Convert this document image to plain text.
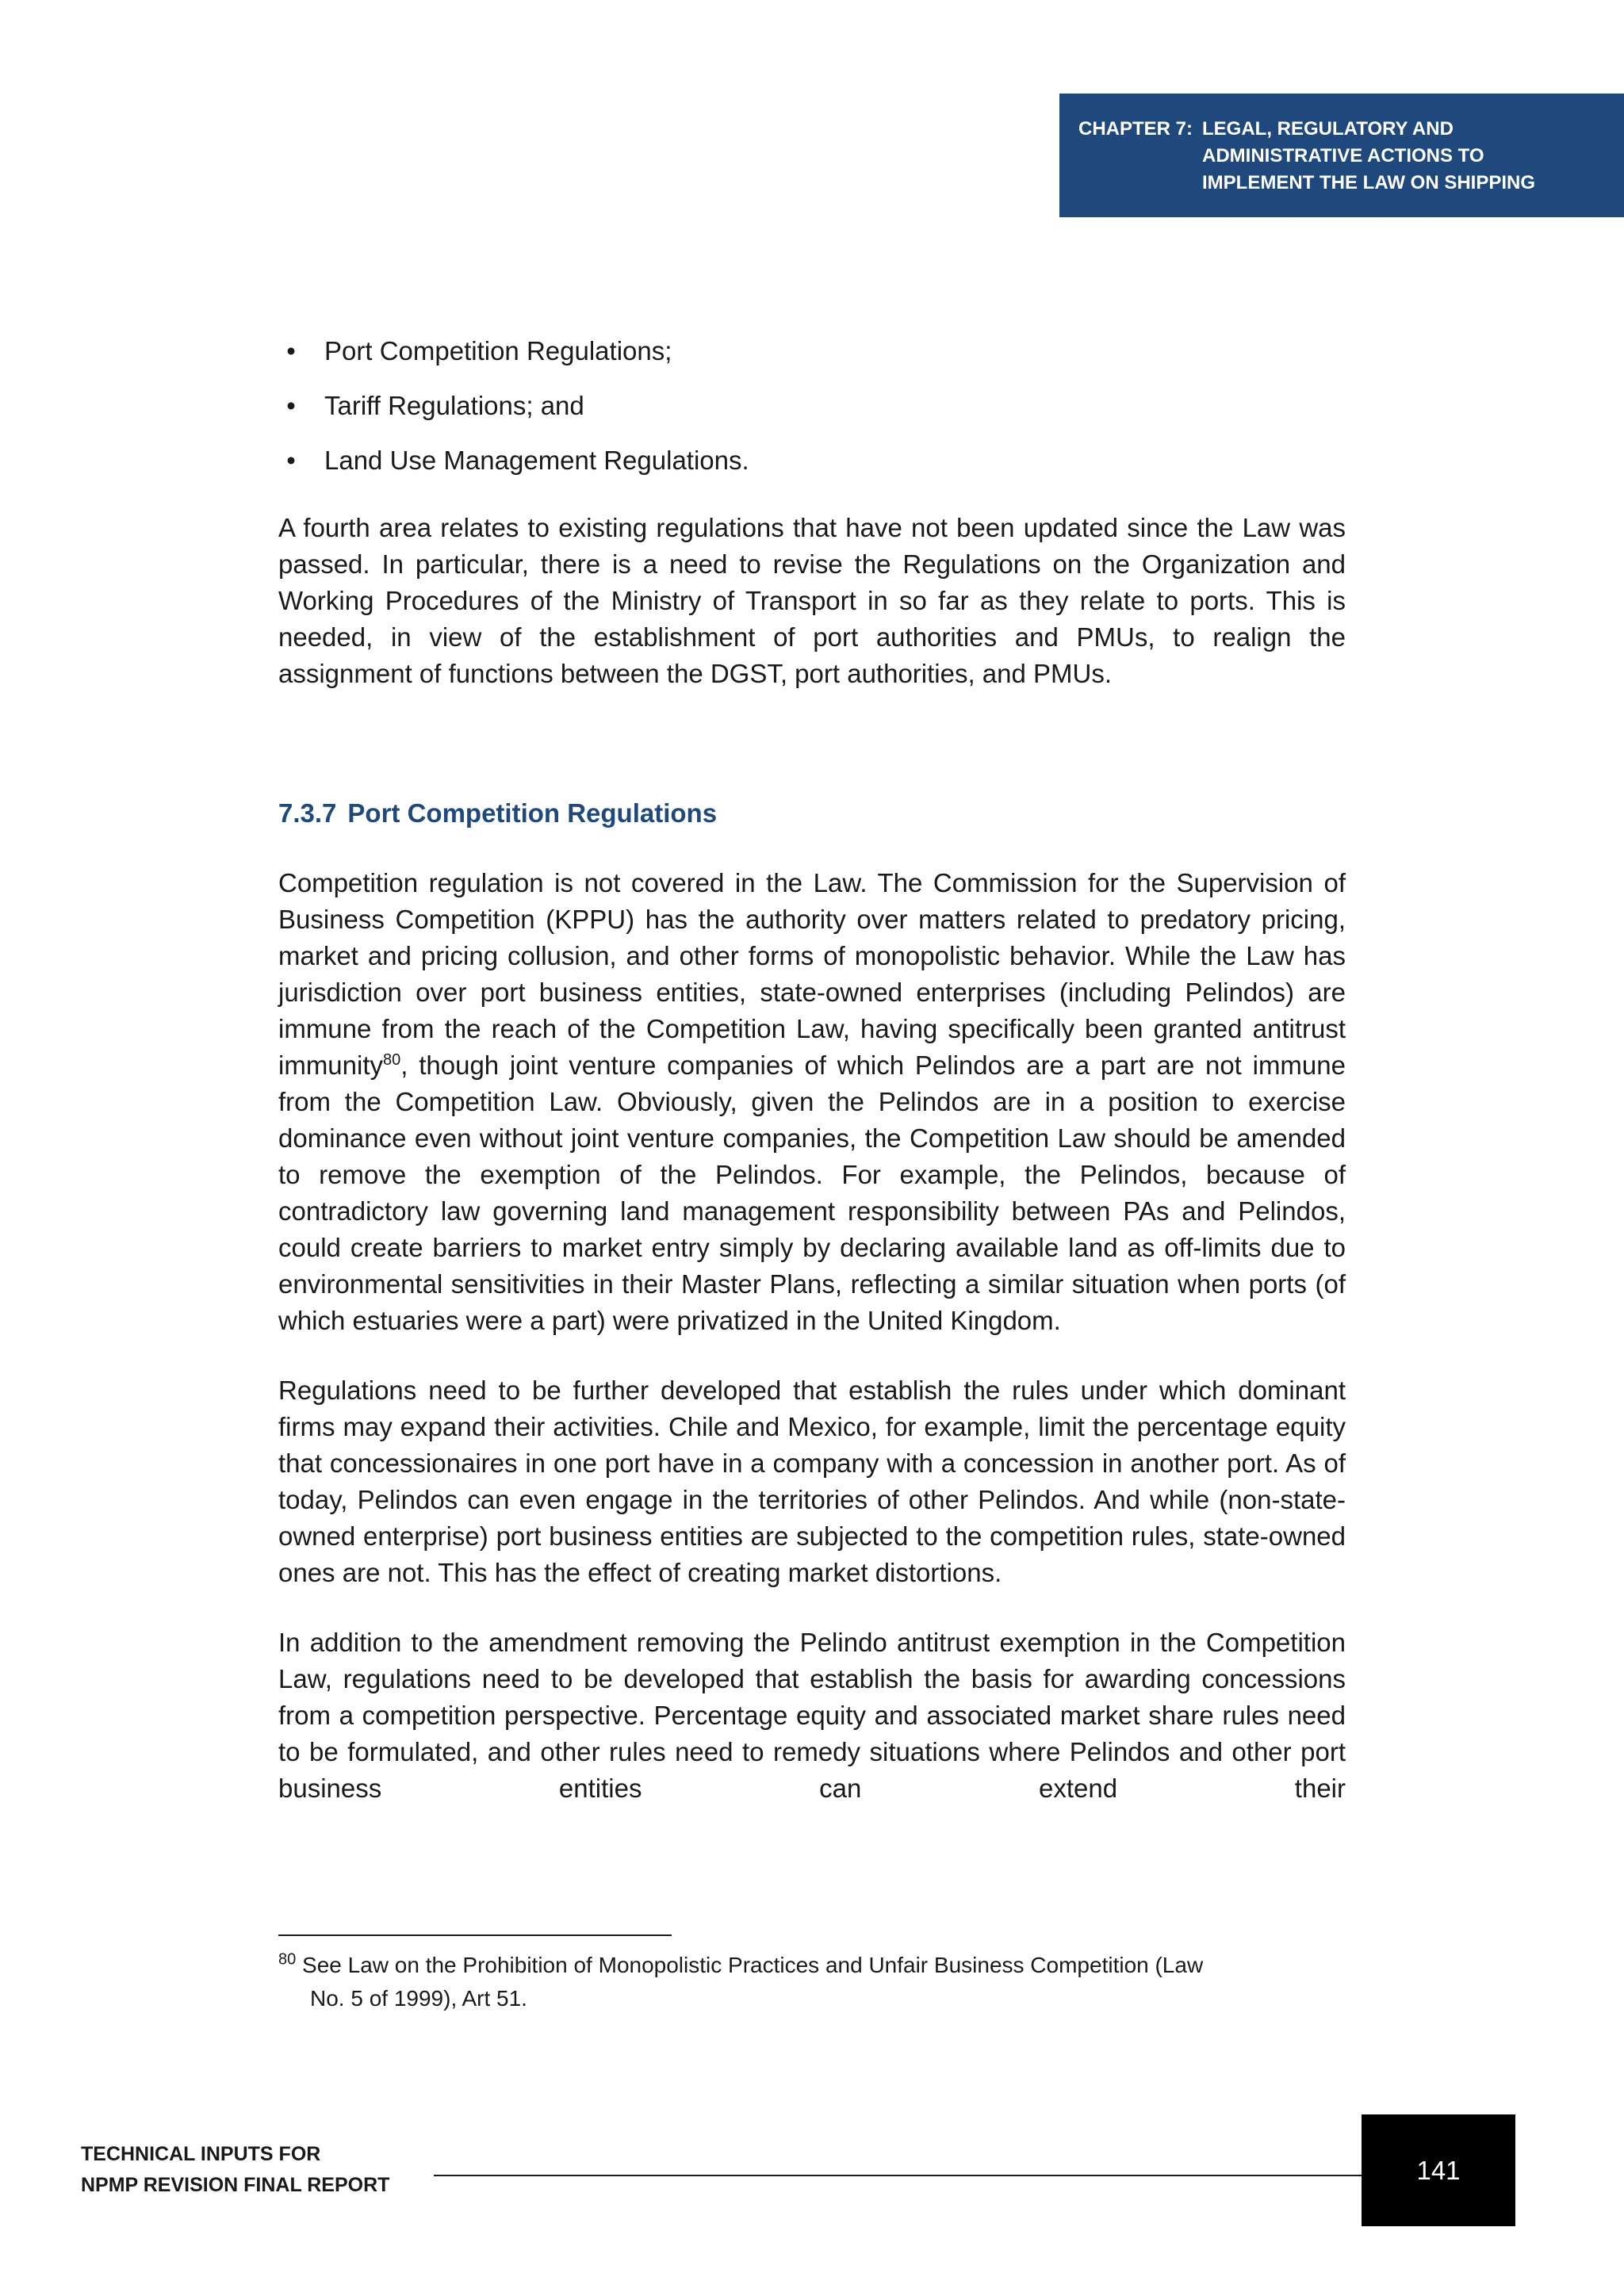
CHAPTER 7: LEGAL, REGULATORY AND
ADMINISTRATIVE ACTIONS TO
IMPLEMENT THE LAW ON SHIPPING
• Port Competition Regulations;
• Tariff Regulations; and
• Land Use Management Regulations.

A fourth area relates to existing regulations that have not been updated since the Law was passed. In particular, there is a need to revise the Regulations on the Organization and Working Procedures of the Ministry of Transport in so far as they relate to ports. This is needed, in view of the establishment of port authorities and PMUs, to realign the assignment of functions between the DGST, port authorities, and PMUs.

7.3.7 Port Competition Regulations

Competition regulation is not covered in the Law. The Commission for the Supervision of Business Competition (KPPU) has the authority over matters related to predatory pricing, market and pricing collusion, and other forms of monopolistic behavior. While the Law has jurisdiction over port business entities, state-owned enterprises (including Pelindos) are immune from the reach of the Competition Law, having specifically been granted antitrust immunity$^{80}$, though joint venture companies of which Pelindos are a part are not immune from the Competition Law. Obviously, given the Pelindos are in a position to exercise dominance even without joint venture companies, the Competition Law should be amended to remove the exemption of the Pelindos. For example, the Pelindos, because of contradictory law governing land management responsibility between PAs and Pelindos, could create barriers to market entry simply by declaring available land as off-limits due to environmental sensitivities in their Master Plans, reflecting a similar situation when ports (of which estuaries were a part) were privatized in the United Kingdom.

Regulations need to be further developed that establish the rules under which dominant firms may expand their activities. Chile and Mexico, for example, limit the percentage equity that concessionaires in one port have in a company with a concession in another port. As of today, Pelindos can even engage in the territories of other Pelindos. And while (non-state-owned enterprise) port business entities are subjected to the competition rules, state-owned ones are not. This has the effect of creating market distortions.

In addition to the amendment removing the Pelindo antitrust exemption in the Competition Law, regulations need to be developed that establish the basis for awarding concessions from a competition perspective. Percentage equity and associated market share rules need to be formulated, and other rules need to remedy situations where Pelindos and other port business entities can extend their

$^{80}$ See Law on the Prohibition of Monopolistic Practices and Unfair Business Competition (Law
No. 5 of 1999), Art 51.
TECHNICAL INPUTS FOR
NPMP REVISION FINAL REPORT
141
